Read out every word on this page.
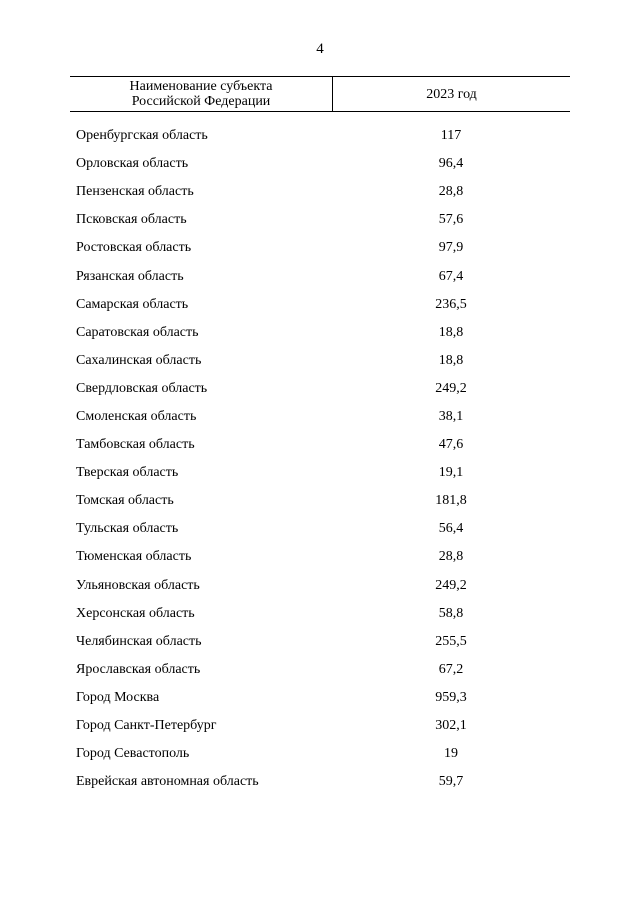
4
Наименование субъекта
Российской Федерации	2023 год
Оренбургская область	117
Орловская область	96,4
Пензенская область	28,8
Псковская область	57,6
Ростовская область	97,9
Рязанская область	67,4
Самарская область	236,5
Саратовская область	18,8
Сахалинская область	18,8
Свердловская область	249,2
Смоленская область	38,1
Тамбовская область	47,6
Тверская область	19,1
Томская область	181,8
Тульская область	56,4
Тюменская область	28,8
Ульяновская область	249,2
Херсонская область	58,8
Челябинская область	255,5
Ярославская область	67,2
Город Москва	959,3
Город Санкт-Петербург	302,1
Город Севастополь	19
Еврейская автономная область	59,7
